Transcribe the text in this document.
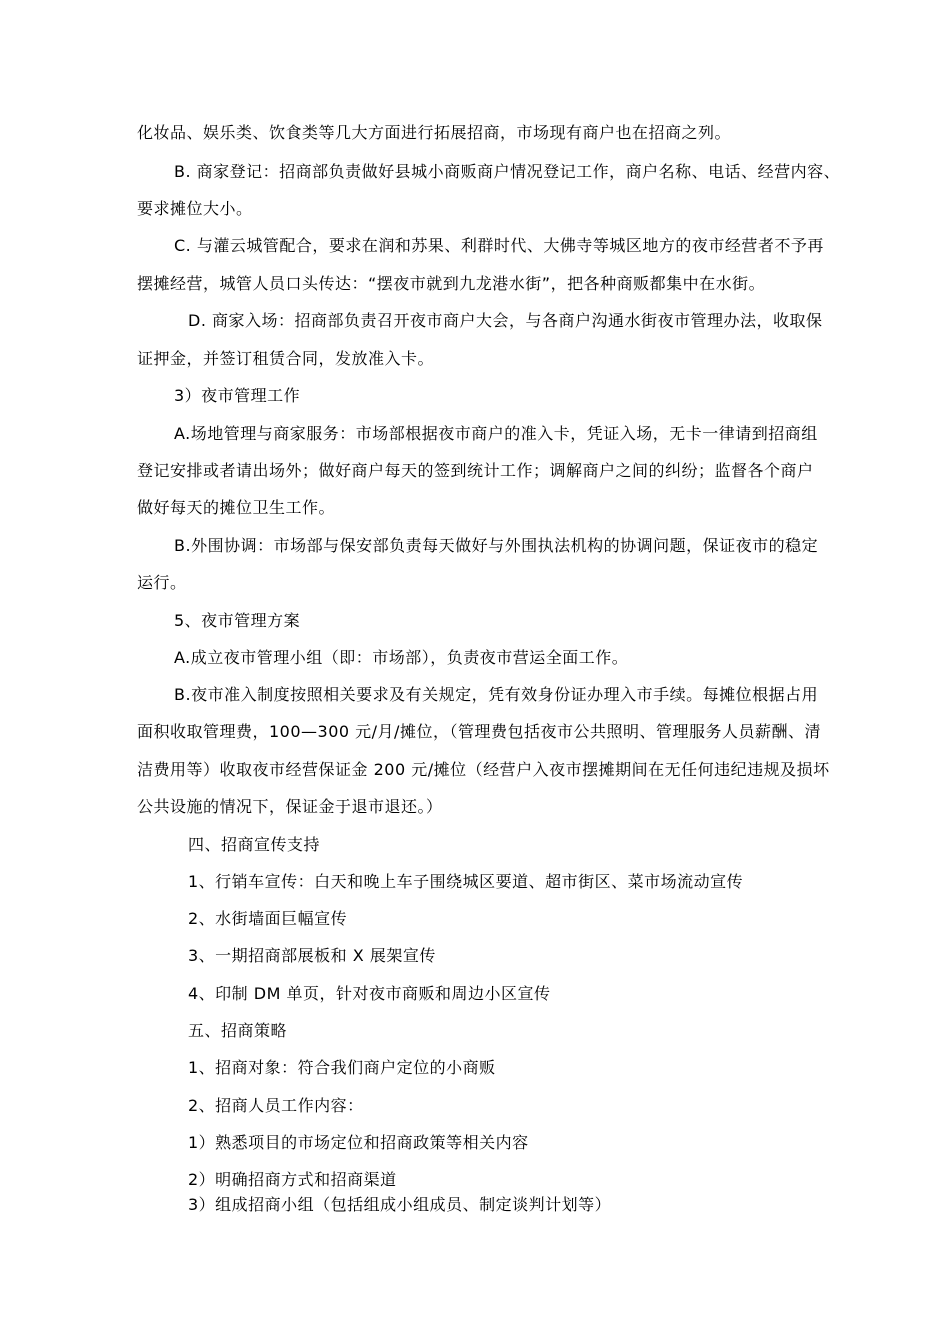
化妆品、娱乐类、饮食类等几大方面进行拓展招商，市场现有商户也在招商之列。
B. 商家登记：招商部负责做好县城小商贩商户情况登记工作，商户名称、电话、经营内容、
要求摊位大小。
C. 与灌云城管配合，要求在润和苏果、利群时代、大佛寺等城区地方的夜市经营者不予再
摆摊经营，城管人员口头传达：“摆夜市就到九龙港水街”，把各种商贩都集中在水街。
D. 商家入场：招商部负责召开夜市商户大会，与各商户沟通水街夜市管理办法，收取保
证押金，并签订租赁合同，发放准入卡。
3）夜市管理工作
A.场地管理与商家服务：市场部根据夜市商户的准入卡，凭证入场，无卡一律请到招商组
登记安排或者请出场外；做好商户每天的签到统计工作；调解商户之间的纠纷；监督各个商户
做好每天的摊位卫生工作。
B.外围协调：市场部与保安部负责每天做好与外围执法机构的协调问题，保证夜市的稳定
运行。
5、夜市管理方案
A.成立夜市管理小组（即：市场部），负责夜市营运全面工作。
B.夜市准入制度按照相关要求及有关规定，凭有效身份证办理入市手续。每摊位根据占用
面积收取管理费，100—300 元/月/摊位，（管理费包括夜市公共照明、管理服务人员薪酬、清
洁费用等）收取夜市经营保证金 200 元/摊位（经营户入夜市摆摊期间在无任何违纪违规及损坏
公共设施的情况下，保证金于退市退还。）
四、招商宣传支持
1、行销车宣传：白天和晚上车子围绕城区要道、超市街区、菜市场流动宣传
2、水街墙面巨幅宣传
3、一期招商部展板和 X 展架宣传
4、印制 DM 单页，针对夜市商贩和周边小区宣传
五、招商策略
1、招商对象：符合我们商户定位的小商贩
2、招商人员工作内容：
1）熟悉项目的市场定位和招商政策等相关内容
2）明确招商方式和招商渠道
3）组成招商小组（包括组成小组成员、制定谈判计划等）
